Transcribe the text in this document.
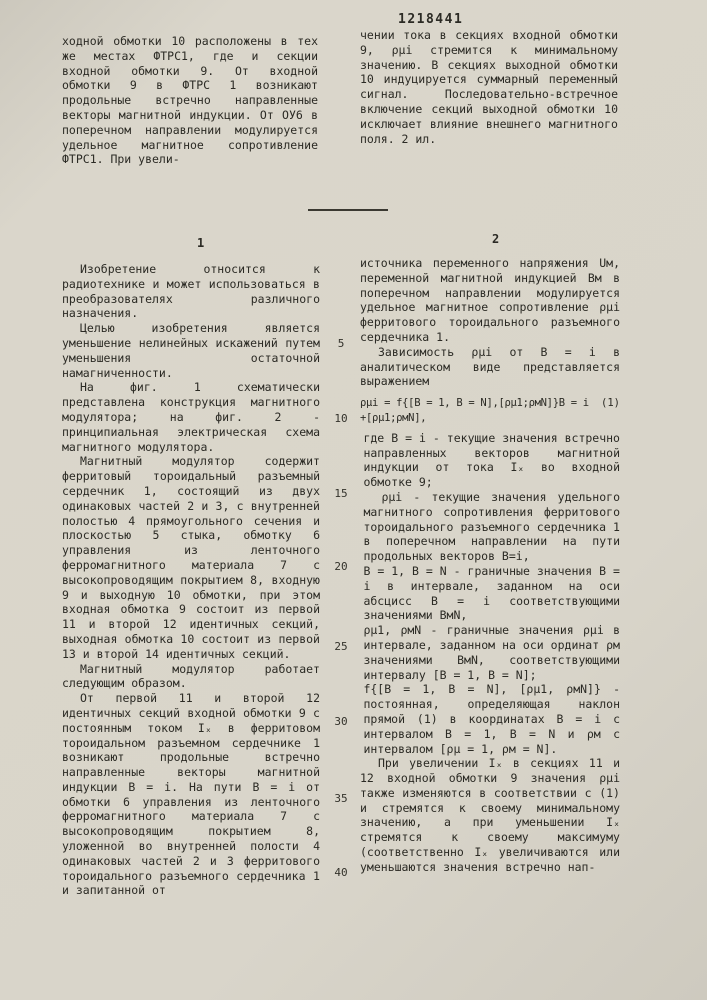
1218441

ходной обмотки 10 расположены в тех же местах ФТРС1, где и секции входной обмотки 9. От входной обмотки 9 в ФТРС 1 возникают продольные встречно направленные векторы магнитной индукции. От ОУ6 в поперечном направлении модулируется удельное магнитное сопротивление ФТРС1. При увели-

чении тока в секциях входной обмотки 9, ρμi стремится к минимальному значению. В секциях выходной обмотки 10 индуцируется суммарный переменный сигнал. Последовательно-встречное включение секций выходной обмотки 10 исключает влияние внешнего магнитного поля. 2 ил.

1	2
5
10
15
20
25
30
35
40

Изобретение относится к радиотехнике и может использоваться в преобразователях различного назначения.

Целью изобретения является уменьшение нелинейных искажений путем уменьшения остаточной намагниченности.

На фиг. 1 схематически представлена конструкция магнитного модулятора; на фиг. 2 - принципиальная электрическая схема магнитного модулятора.

Магнитный модулятор содержит ферритовый тороидальный разъемный сердечник 1, состоящий из двух одинаковых частей 2 и 3, с внутренней полостью 4 прямоугольного сечения и плоскостью 5 стыка, обмотку 6 управления из ленточного ферромагнитного материала 7 с высокопроводящим покрытием 8, входную 9 и выходную 10 обмотки, при этом входная обмотка 9 состоит из первой 11 и второй 12 идентичных секций, выходная обмотка 10 состоит из первой 13 и второй 14 идентичных секций.

Магнитный модулятор работает следующим образом.

От первой 11 и второй 12 идентичных секций входной обмотки 9 с постоянным током Iₓ в ферритовом тороидальном разъемном сердечнике 1 возникают продольные встречно направленные векторы магнитной индукции B = i. На пути B = i от обмотки 6 управления из ленточного ферромагнитного материала 7 с высокопроводящим покрытием 8, уложенной во внутренней полости 4 одинаковых частей 2 и 3 ферритового тороидального разъемного сердечника 1 и запитанной от

источника переменного напряжения Uм, переменной магнитной индукцией Bм в поперечном направлении модулируется удельное магнитное сопротивление ρμi ферритового тороидального разъемного сердечника 1.

Зависимость ρμi от B = i в аналитическом виде представляется выражением

ρμi = f{[B = 1, B = N],[ρμ1;ρмN]}B = i +[ρμ1;ρмN],
(1)

где B = i - текущие значения встречно направленных векторов магнитной индукции от тока Iₓ во входной обмотке 9;

ρμi - текущие значения удельного магнитного сопротивления ферритового тороидального разъемного сердечника 1 в поперечном направлении на пути продольных векторов B=i,

B = 1, B = N - граничные значения B = i в интервале, заданном на оси абсцисс B = i соответствующими значениями BмN,

ρμ1, ρмN - граничные значения ρμi в интервале, заданном на оси ординат ρм значениями BмN, соответствующими интервалу [B = 1, B = N];

f{[B = 1, B = N], [ρμ1, ρмN]} - постоянная, определяющая наклон прямой (1) в координатах B = i с интервалом B = 1, B = N и ρм с интервалом [ρμ = 1, ρм = N].

При увеличении Iₓ в секциях 11 и 12 входной обмотки 9 значения ρμi также изменяются в соответствии с (1) и стремятся к своему минимальному значению, а при уменьшении Iₓ стремятся к своему максимуму (соответственно Iₓ увеличиваются или уменьшаются значения встречно нап-
